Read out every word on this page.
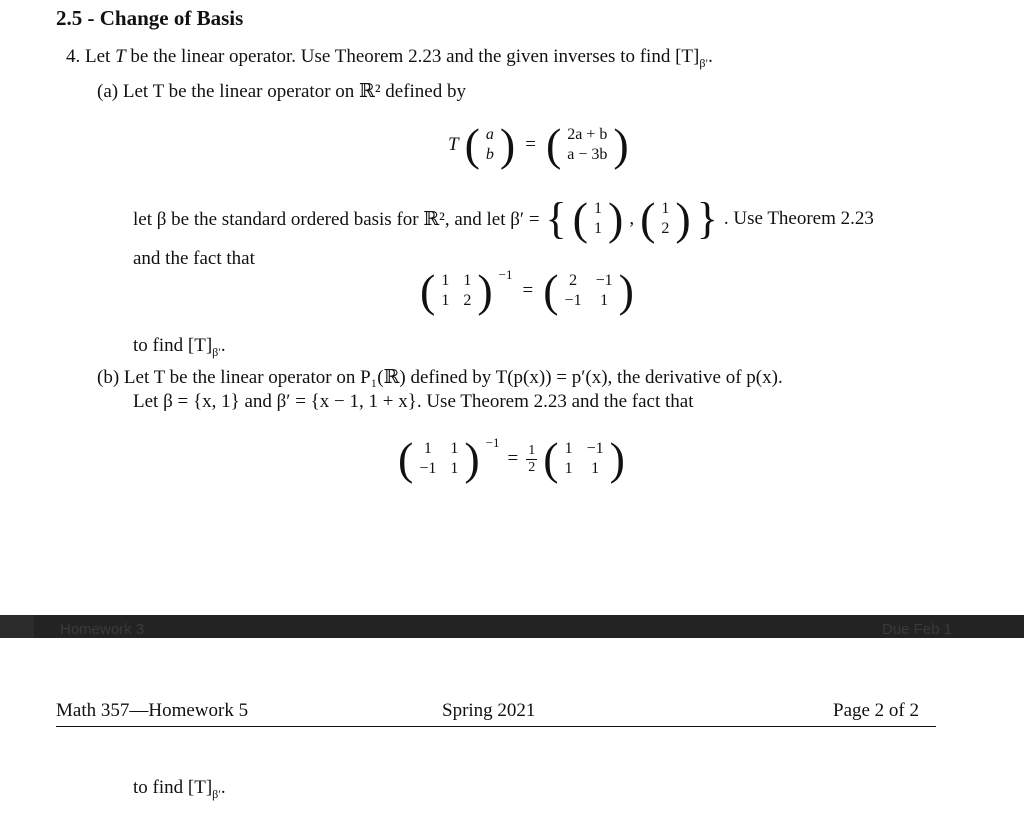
2.5 - Change of Basis
4. Let T be the linear operator. Use Theorem 2.23 and the given inverses to find $[T]_{\beta'}$.
(a) Let T be the linear operator on ℝ² defined by
T ( a
b ) = ( 2a + b
a − 3b )
let β be the standard ordered basis for ℝ², and let β′ = { ( 1
1 ) , ( 1
2 ) } . Use Theorem 2.23
and the fact that
( 1 1
1 2 ) −1
= ( 2 −1
−1 1 )
to find $[T]_{\beta'}$.
(b) Let T be the linear operator on P₁(ℝ) defined by T(p(x)) = p′(x), the derivative of p(x).
Let β = {x, 1} and β′ = {x − 1, 1 + x}. Use Theorem 2.23 and the fact that
( 1 1
−1 1 ) −1
= $\frac{1}{2}$ ( 1 −1
1 1 )
Homework 3	Due Feb 1
Math 357—Homework 5	Spring 2021	Page 2 of 2
to find $[T]_{\beta'}$.
